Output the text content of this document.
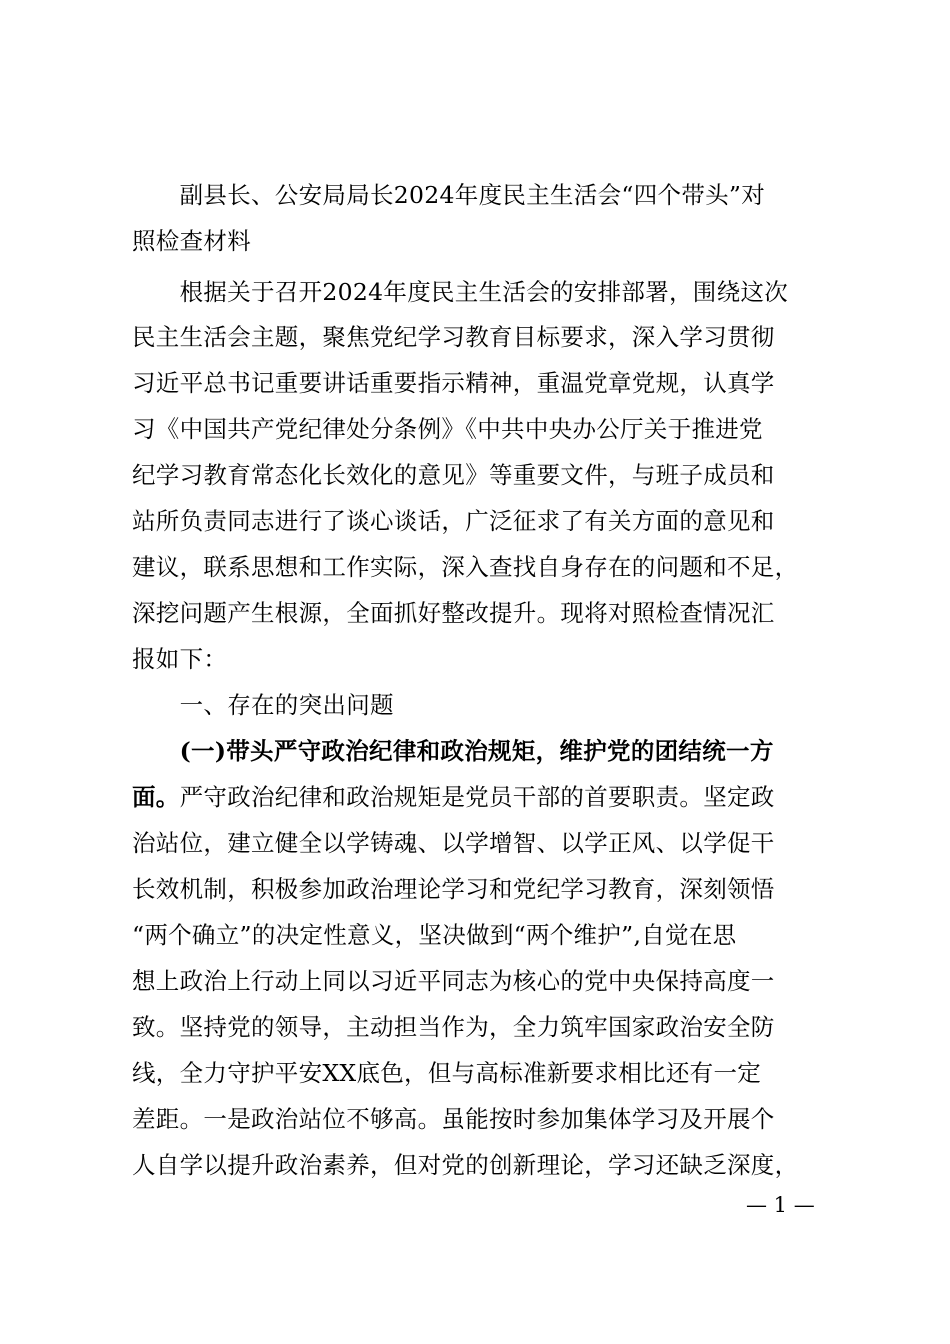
　　副县长、公安局局长2024年度民主生活会“四个带头”对
照检查材料
　　根据关于召开2024年度民主生活会的安排部署，围绕这次
民主生活会主题，聚焦党纪学习教育目标要求，深入学习贯彻
习近平总书记重要讲话重要指示精神，重温党章党规，认真学
习《中国共产党纪律处分条例》《中共中央办公厅关于推进党
纪学习教育常态化长效化的意见》等重要文件，与班子成员和
站所负责同志进行了谈心谈话，广泛征求了有关方面的意见和
建议，联系思想和工作实际，深入查找自身存在的问题和不足，
深挖问题产生根源，全面抓好整改提升。现将对照检查情况汇
报如下：
　　一、存在的突出问题
　　(一)带头严守政治纪律和政治规矩，维护党的团结统一方
面。严守政治纪律和政治规矩是党员干部的首要职责。坚定政
治站位，建立健全以学铸魂、以学增智、以学正风、以学促干
长效机制，积极参加政治理论学习和党纪学习教育，深刻领悟
“两个确立”的决定性意义，坚决做到“两个维护”,自觉在思
想上政治上行动上同以习近平同志为核心的党中央保持高度一
致。坚持党的领导，主动担当作为，全力筑牢国家政治安全防
线，全力守护平安XX底色，但与高标准新要求相比还有一定
差距。一是政治站位不够高。虽能按时参加集体学习及开展个
人自学以提升政治素养，但对党的创新理论，学习还缺乏深度，
— 1 —
